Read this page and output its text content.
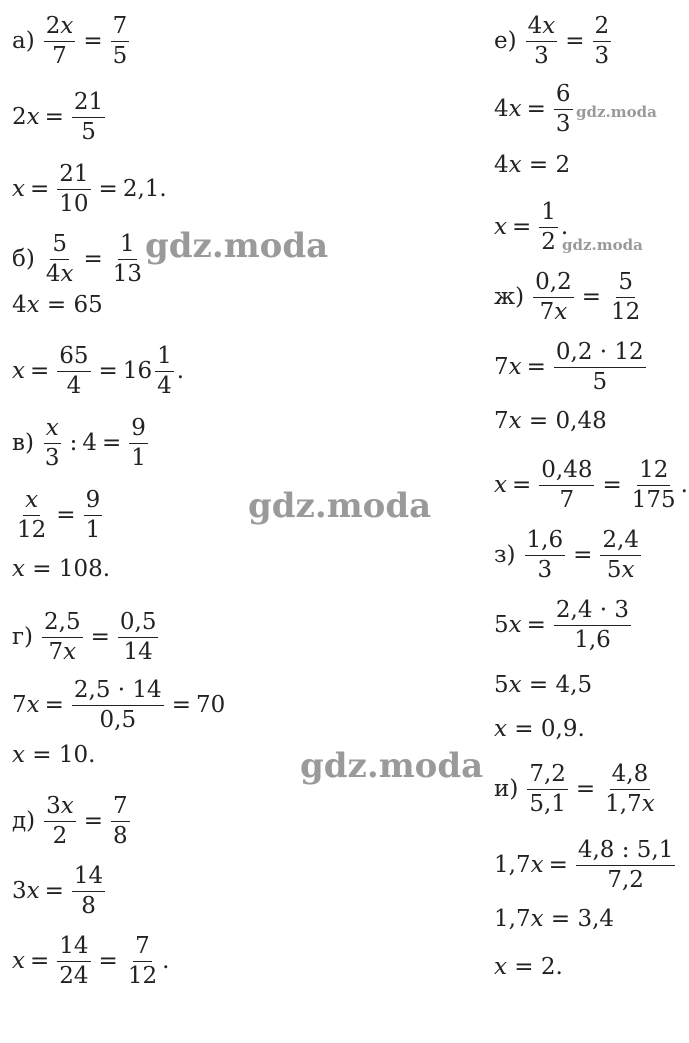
$а) \frac{2x}{7} = \frac{7}{5}$
$2x = \frac{21}{5}$
$x = \frac{21}{10} = 2,1$.
$б) \frac{5}{4x} = \frac{1}{13}$
4x = 65
$x = \frac{65}{4} = 16 \frac{1}{4}$ .
$в) \frac{x}{3}$ : $4 = \frac{9}{1}$
$\frac{x}{12} = \frac{9}{1}$
x = 108.
$г) \frac{2,5}{7x} = \frac{0,5}{14}$
$7x = \frac{2,5 \cdot 14}{0,5} = 70$
x = 10.
$д) \frac{3x}{2} = \frac{7}{8}$
$3x = \frac{14}{8}$
$x = \frac{14}{24} = \frac{7}{12}$ .
$е) \frac{4x}{3} = \frac{2}{3}$
$4x = \frac{6}{3}$
4x = 2
$x = \frac{1}{2}$ .
$ж) \frac{0,2}{7x} = \frac{5}{12}$
$7x = \frac{0,2 \cdot 12}{5}$
7x = 0,48
$x = \frac{0,48}{7} = \frac{12}{175}$ .
$з) \frac{1,6}{3} = \frac{2,4}{5x}$
$5x = \frac{2,4 \cdot 3}{1,6}$
5x = 4,5
x = 0,9.
$и) \frac{7,2}{5,1} = \frac{4,8}{1,7x}$
$1,7x = \frac{4,8 : 5,1}{7,2}$
1,7x = 3,4
x = 2.
gdz.moda
gdz.moda
gdz.moda
gdz.moda
gdz.moda
